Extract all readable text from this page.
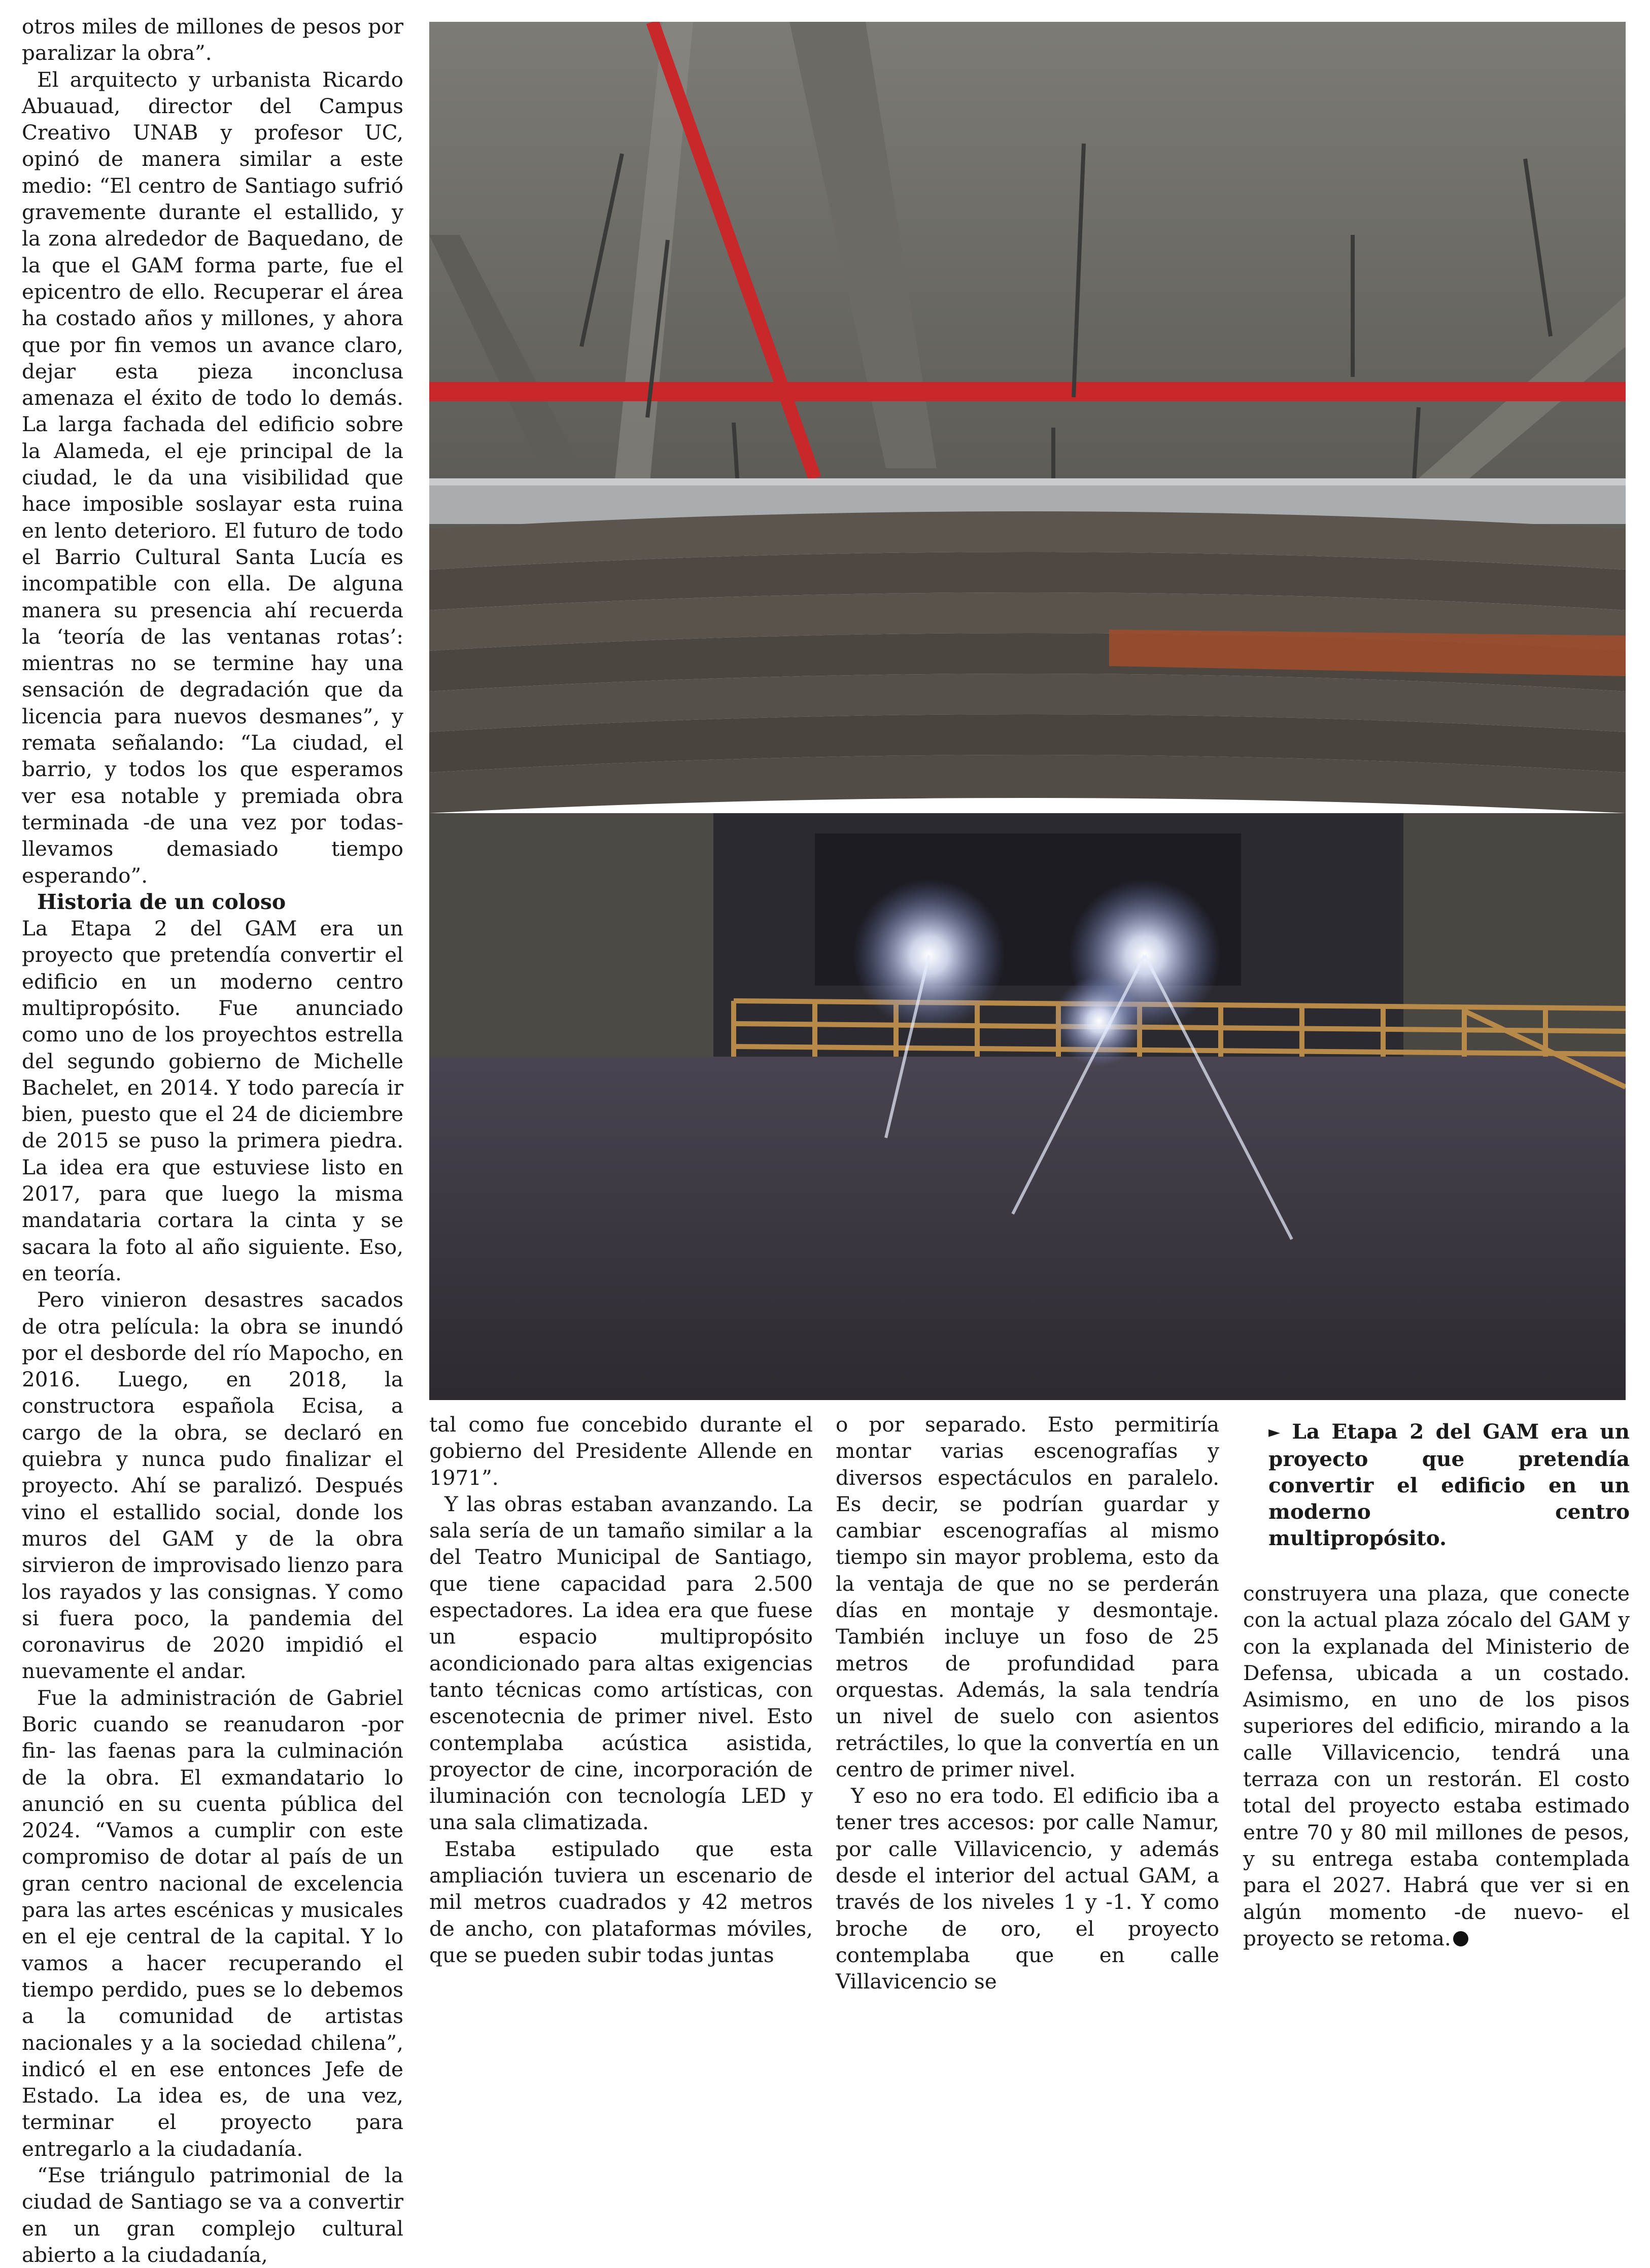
otros miles de millones de pesos por paralizar la obra”.

El arquitecto y urbanista Ricardo Abuauad, director del Campus Creativo UNAB y profesor UC, opinó de manera similar a este medio: “El centro de Santiago sufrió gravemente durante el estallido, y la zona alrededor de Baquedano, de la que el GAM forma parte, fue el epicentro de ello. Recuperar el área ha costado años y millones, y ahora que por fin vemos un avance claro, dejar esta pieza inconclusa amenaza el éxito de todo lo demás. La larga fachada del edificio sobre la Alameda, el eje principal de la ciudad, le da una visibilidad que hace imposible soslayar esta ruina en lento deterioro. El futuro de todo el Barrio Cultural Santa Lucía es incompatible con ella. De alguna manera su presencia ahí recuerda la ‘teoría de las ventanas rotas’: mientras no se termine hay una sensación de degradación que da licencia para nuevos desmanes”, y remata señalando: “La ciudad, el barrio, y todos los que esperamos ver esa notable y premiada obra terminada -de una vez por todas- llevamos demasiado tiempo esperando”.

Historia de un coloso

La Etapa 2 del GAM era un proyecto que pretendía convertir el edificio en un moderno centro multipropósito. Fue anunciado como uno de los proyechtos estrella del segundo gobierno de Michelle Bachelet, en 2014. Y todo parecía ir bien, puesto que el 24 de diciembre de 2015 se puso la primera piedra. La idea era que estuviese listo en 2017, para que luego la misma mandataria cortara la cinta y se sacara la foto al año siguiente. Eso, en teoría.

Pero vinieron desastres sacados de otra película: la obra se inundó por el desborde del río Mapocho, en 2016. Luego, en 2018, la constructora española Ecisa, a cargo de la obra, se declaró en quiebra y nunca pudo finalizar el proyecto. Ahí se paralizó. Después vino el estallido social, donde los muros del GAM y de la obra sirvieron de improvisado lienzo para los rayados y las consignas. Y como si fuera poco, la pandemia del coronavirus de 2020 impidió el nuevamente el andar.

Fue la administración de Gabriel Boric cuando se reanudaron -por fin- las faenas para la culminación de la obra. El exmandatario lo anunció en su cuenta pública del 2024. “Vamos a cumplir con este compromiso de dotar al país de un gran centro nacional de excelencia para las artes escénicas y musicales en el eje central de la capital. Y lo vamos a hacer recuperando el tiempo perdido, pues se lo debemos a la comunidad de artistas nacionales y a la sociedad chilena”, indicó el en ese entonces Jefe de Estado. La idea es, de una vez, terminar el proyecto para entregarlo a la ciudadanía.

“Ese triángulo patrimonial de la ciudad de Santiago se va a convertir en un gran complejo cultural abierto a la ciudadanía,

► La Etapa 2 del GAM era un proyecto que pretendía convertir el edificio en un moderno centro multipropósito.

tal como fue concebido durante el gobierno del Presidente Allende en 1971”.

Y las obras estaban avanzando. La sala sería de un tamaño similar a la del Teatro Municipal de Santiago, que tiene capacidad para 2.500 espectadores. La idea era que fuese un espacio multipropósito acondicionado para altas exigencias tanto técnicas como artísticas, con escenotecnia de primer nivel. Esto contemplaba acústica asistida, proyector de cine, incorporación de iluminación con tecnología LED y una sala climatizada.

Estaba estipulado que esta ampliación tuviera un escenario de mil metros cuadrados y 42 metros de ancho, con plataformas móviles, que se pueden subir todas juntas

o por separado. Esto permitiría montar varias escenografías y diversos espectáculos en paralelo. Es decir, se podrían guardar y cambiar escenografías al mismo tiempo sin mayor problema, esto da la ventaja de que no se perderán días en montaje y desmontaje. También incluye un foso de 25 metros de profundidad para orquestas. Además, la sala tendría un nivel de suelo con asientos retráctiles, lo que la convertía en un centro de primer nivel.

Y eso no era todo. El edificio iba a tener tres accesos: por calle Namur, por calle Villavicencio, y además desde el interior del actual GAM, a través de los niveles 1 y -1. Y como broche de oro, el proyecto contemplaba que en calle Villavicencio se

construyera una plaza, que conecte con la actual plaza zócalo del GAM y con la explanada del Ministerio de Defensa, ubicada a un costado. Asimismo, en uno de los pisos superiores del edificio, mirando a la calle Villavicencio, tendrá una terraza con un restorán. El costo total del proyecto estaba estimado entre 70 y 80 mil millones de pesos, y su entrega estaba contemplada para el 2027. Habrá que ver si en algún momento -de nuevo- el proyecto se retoma.
